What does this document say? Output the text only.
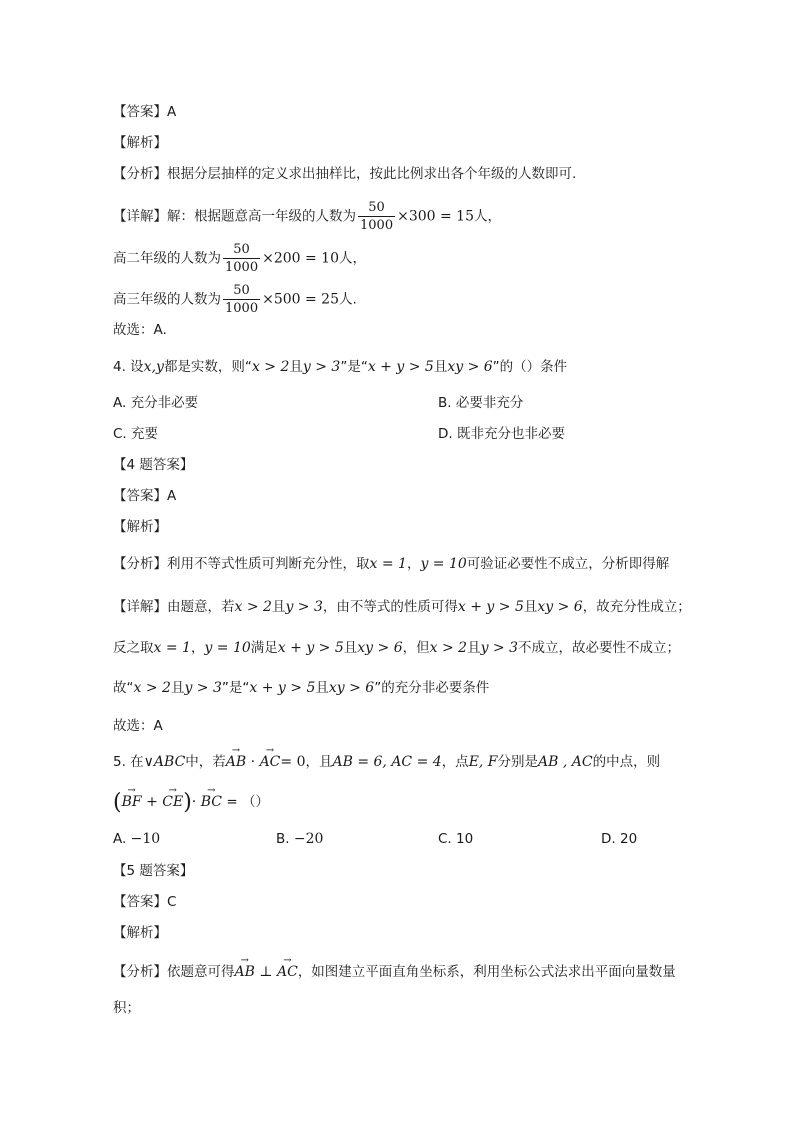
【答案】A
【解析】
【分析】根据分层抽样的定义求出抽样比，按此比例求出各个年级的人数即可.
【详解】解：根据题意高一年级的人数为 $\frac{50}{1000} \times 300 = 15$人，
高二年级的人数为 $\frac{50}{1000} \times 200 = 10$人，
高三年级的人数为 $\frac{50}{1000} \times 500 = 25$人.
故选：A.
4. 设x,y都是实数，则“x > 2且y > 3”是“x + y > 5且xy > 6”的（）条件
A. 充分非必要	B. 必要非充分
C. 充要	D. 既非充分也非必要
【4 题答案】
【答案】A
【解析】
【分析】利用不等式性质可判断充分性，取x = 1，y = 10可验证必要性不成立，分析即得解
【详解】由题意，若x > 2且y > 3，由不等式的性质可得x + y > 5且xy > 6，故充分性成立；
反之取x = 1，y = 10满足x + y > 5且xy > 6，但x > 2且y > 3不成立，故必要性不成立；
故“x > 2且y > 3”是“x + y > 5且xy > 6”的充分非必要条件
故选：A
5. 在∨ABC中，若→ AB · → AC= 0，且AB = 6, AC = 4，点E, F分别是AB , AC的中点，则
(→ BF + → CE)· → BC = （）
A. −10	B. −20	C. 10	D. 20
【5 题答案】
【答案】C
【解析】
【分析】依题意可得→ AB ⊥ → AC，如图建立平面直角坐标系，利用坐标公式法求出平面向量数量
积；
